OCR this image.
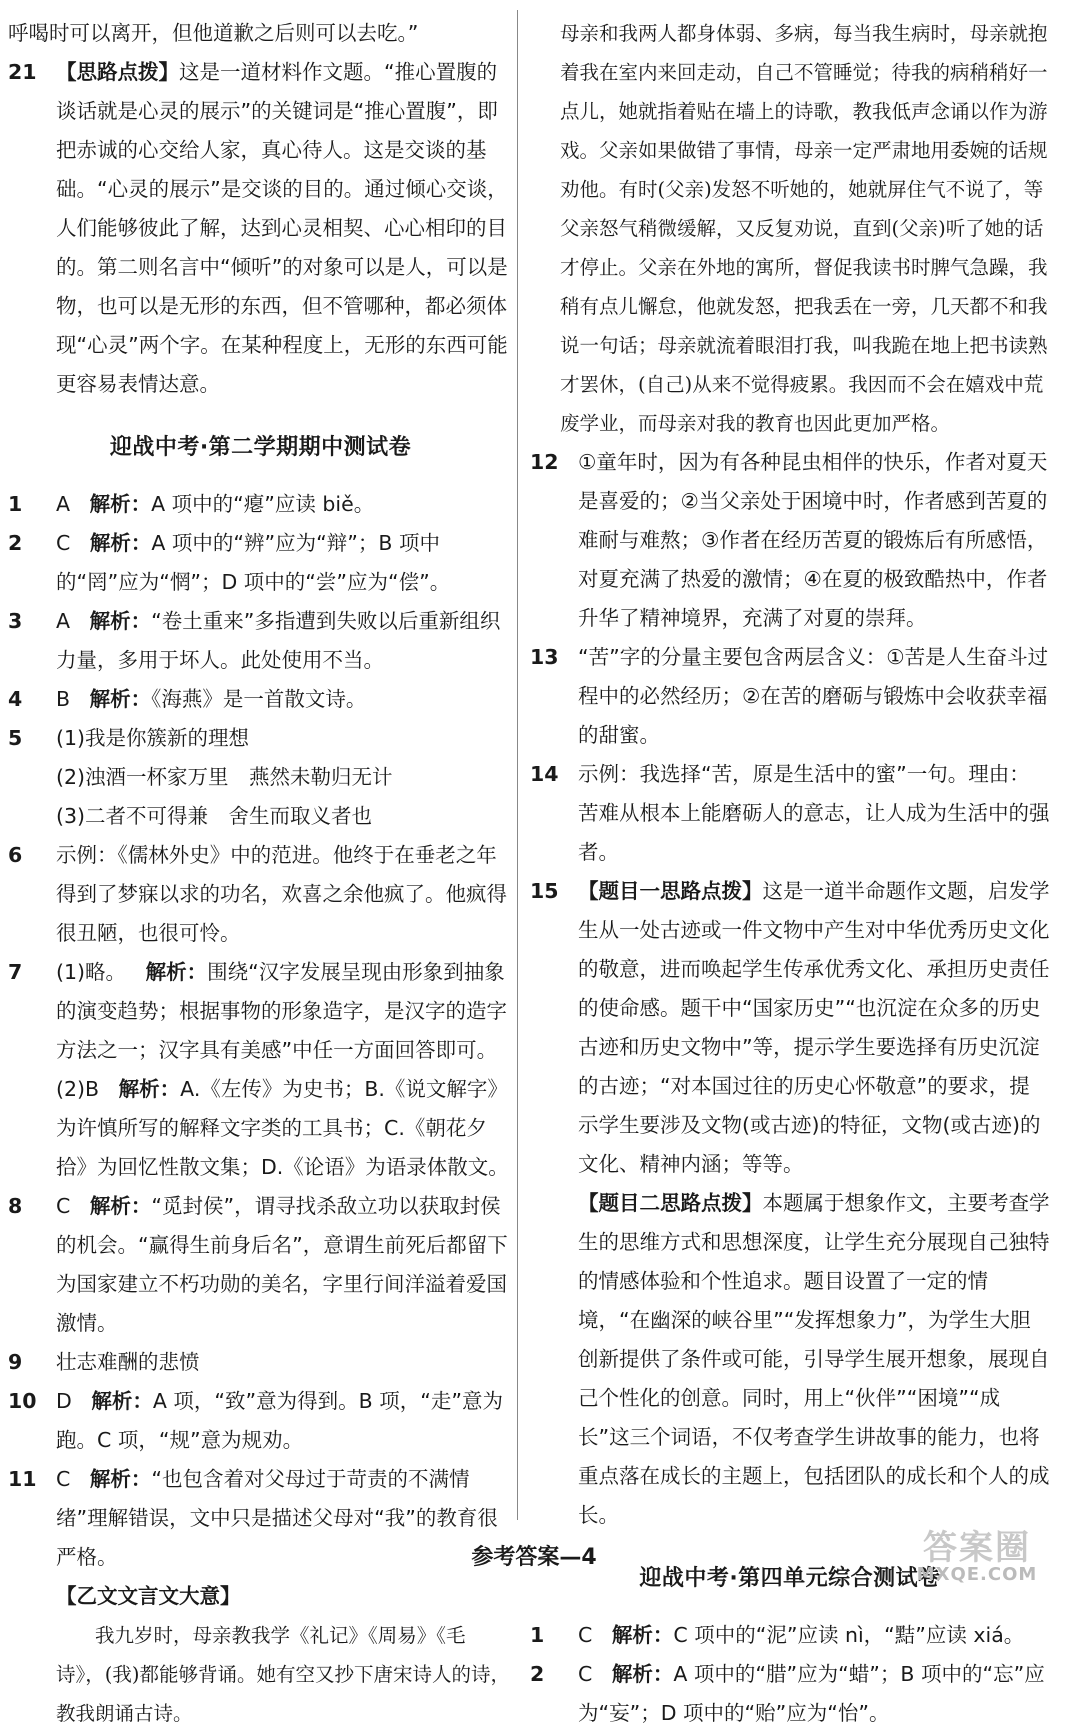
呼喝时可以离开，但他道歉之后则可以去吃。”

21 【思路点拨】这是一道材料作文题。“推心置腹的谈话就是心灵的展示”的关键词是“推心置腹”，即把赤诚的心交给人家，真心待人。这是交谈的基础。“心灵的展示”是交谈的目的。通过倾心交谈，人们能够彼此了解，达到心灵相契、心心相印的目的。第二则名言中“倾听”的对象可以是人，可以是物，也可以是无形的东西，但不管哪种，都必须体现“心灵”两个字。在某种程度上，无形的东西可能更容易表情达意。
迎战中考·第二学期期中测试卷
1 A 解析：A 项中的“瘪”应读 biě。
2 C 解析：A 项中的“辨”应为“辩”；B 项中的“罔”应为“惘”；D 项中的“尝”应为“偿”。
3 A 解析：“卷土重来”多指遭到失败以后重新组织力量，多用于坏人。此处使用不当。
4 B 解析：《海燕》是一首散文诗。
5 (1)我是你簇新的理想

(2)浊酒一杯家万里　燕然未勒归无计

(3)二者不可得兼　舍生而取义者也

6 示例：《儒林外史》中的范进。他终于在垂老之年得到了梦寐以求的功名，欢喜之余他疯了。他疯得很丑陋，也很可怜。
7 (1)略。 解析：围绕“汉字发展呈现由形象到抽象的演变趋势；根据事物的形象造字，是汉字的造字方法之一；汉字具有美感”中任一方面回答即可。

(2)B 解析：A.《左传》为史书；B.《说文解字》为许慎所写的解释文字类的工具书；C.《朝花夕拾》为回忆性散文集；D.《论语》为语录体散文。

8 C 解析：“觅封侯”，谓寻找杀敌立功以获取封侯的机会。“赢得生前身后名”，意谓生前死后都留下为国家建立不朽功勋的美名，字里行间洋溢着爱国激情。
9 壮志难酬的悲愤
10 D 解析：A 项，“致”意为得到。B 项，“走”意为跑。C 项，“规”意为规劝。
11 C 解析：“也包含着对父母过于苛责的不满情绪”理解错误，文中只是描述父母对“我”的教育很严格。

【乙文文言文大意】

我九岁时，母亲教我学《礼记》《周易》《毛诗》，(我)都能够背诵。她有空又抄下唐宋诗人的诗，教我朗诵古诗。

母亲和我两人都身体弱、多病，每当我生病时，母亲就抱着我在室内来回走动，自己不管睡觉；待我的病稍稍好一点儿，她就指着贴在墙上的诗歌，教我低声念诵以作为游戏。父亲如果做错了事情，母亲一定严肃地用委婉的话规劝他。有时(父亲)发怒不听她的，她就屏住气不说了，等父亲怒气稍微缓解，又反复劝说，直到(父亲)听了她的话才停止。父亲在外地的寓所，督促我读书时脾气急躁，我稍有点儿懈怠，他就发怒，把我丢在一旁，几天都不和我说一句话；母亲就流着眼泪打我，叫我跪在地上把书读熟才罢休，(自己)从来不觉得疲累。我因而不会在嬉戏中荒废学业，而母亲对我的教育也因此更加严格。

12 ①童年时，因为有各种昆虫相伴的快乐，作者对夏天是喜爱的；②当父亲处于困境中时，作者感到苦夏的难耐与难熬；③作者在经历苦夏的锻炼后有所感悟，对夏充满了热爱的激情；④在夏的极致酷热中，作者升华了精神境界，充满了对夏的崇拜。
13 “苦”字的分量主要包含两层含义：①苦是人生奋斗过程中的必然经历；②在苦的磨砺与锻炼中会收获幸福的甜蜜。
14 示例：我选择“苦，原是生活中的蜜”一句。理由：苦难从根本上能磨砺人的意志，让人成为生活中的强者。
15 【题目一思路点拨】这是一道半命题作文题，启发学生从一处古迹或一件文物中产生对中华优秀历史文化的敬意，进而唤起学生传承优秀文化、承担历史责任的使命感。题干中“国家历史”“也沉淀在众多的历史古迹和历史文物中”等，提示学生要选择有历史沉淀的古迹；“对本国过往的历史心怀敬意”的要求，提示学生要涉及文物(或古迹)的特征，文物(或古迹)的文化、精神内涵；等等。

【题目二思路点拨】本题属于想象作文，主要考查学生的思维方式和思想深度，让学生充分展现自己独特的情感体验和个性追求。题目设置了一定的情境，“在幽深的峡谷里”“发挥想象力”，为学生大胆创新提供了条件或可能，引导学生展开想象，展现自己个性化的创意。同时，用上“伙伴”“困境”“成长”这三个词语，不仅考查学生讲故事的能力，也将重点落在成长的主题上，包括团队的成长和个人的成长。

迎战中考·第四单元综合测试卷
1 C 解析：C 项中的“泥”应读 nì，“黠”应读 xiá。
2 C 解析：A 项中的“腊”应为“蜡”；B 项中的“忘”应为“妄”；D 项中的“贻”应为“怡”。
参考答案—4	答案圈
MXQE.COM
